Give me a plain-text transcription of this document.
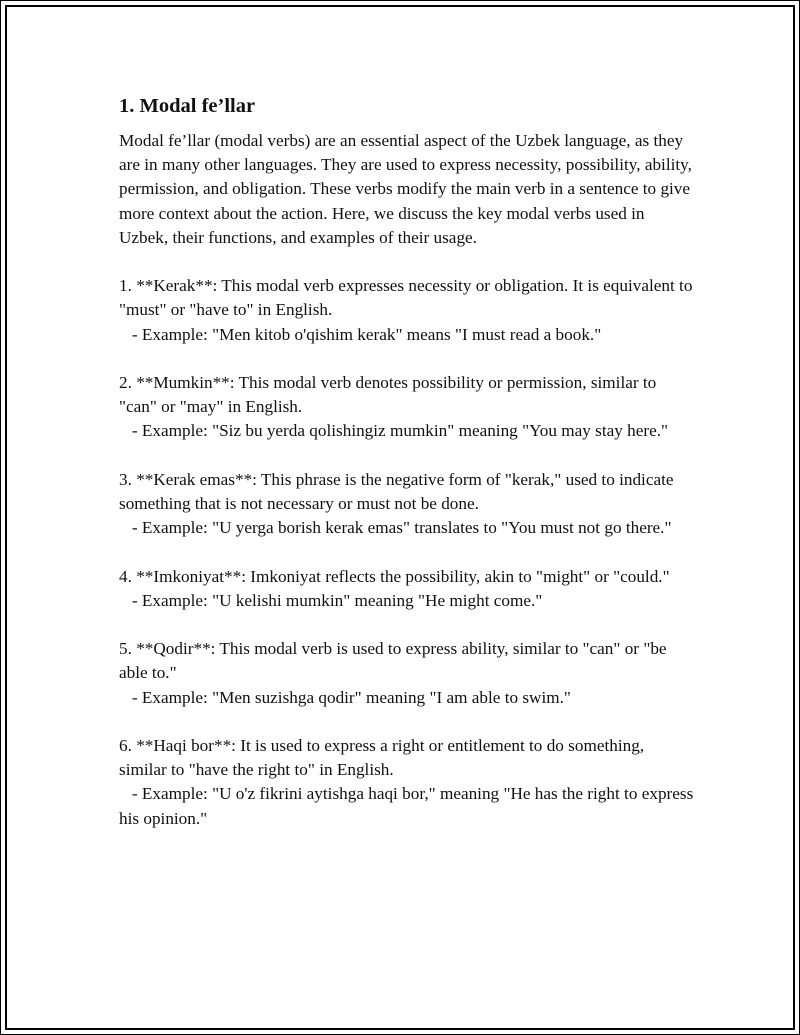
1. Modal fe’llar
Modal fe’llar (modal verbs) are an essential aspect of the Uzbek language, as they are in many other languages. They are used to express necessity, possibility, ability, permission, and obligation. These verbs modify the main verb in a sentence to give more context about the action. Here, we discuss the key modal verbs used in Uzbek, their functions, and examples of their usage.
1. **Kerak**: This modal verb expresses necessity or obligation. It is equivalent to "must" or "have to" in English.
- Example: "Men kitob o'qishim kerak" means "I must read a book."
2. **Mumkin**: This modal verb denotes possibility or permission, similar to "can" or "may" in English.
- Example: "Siz bu yerda qolishingiz mumkin" meaning "You may stay here."
3. **Kerak emas**: This phrase is the negative form of "kerak," used to indicate something that is not necessary or must not be done.
- Example: "U yerga borish kerak emas" translates to "You must not go there."
4. **Imkoniyat**: Imkoniyat reflects the possibility, akin to "might" or "could."
- Example: "U kelishi mumkin" meaning "He might come."
5. **Qodir**: This modal verb is used to express ability, similar to "can" or "be able to."
- Example: "Men suzishga qodir" meaning "I am able to swim."
6. **Haqi bor**: It is used to express a right or entitlement to do something, similar to "have the right to" in English.
- Example: "U o'z fikrini aytishga haqi bor," meaning "He has the right to express his opinion."
